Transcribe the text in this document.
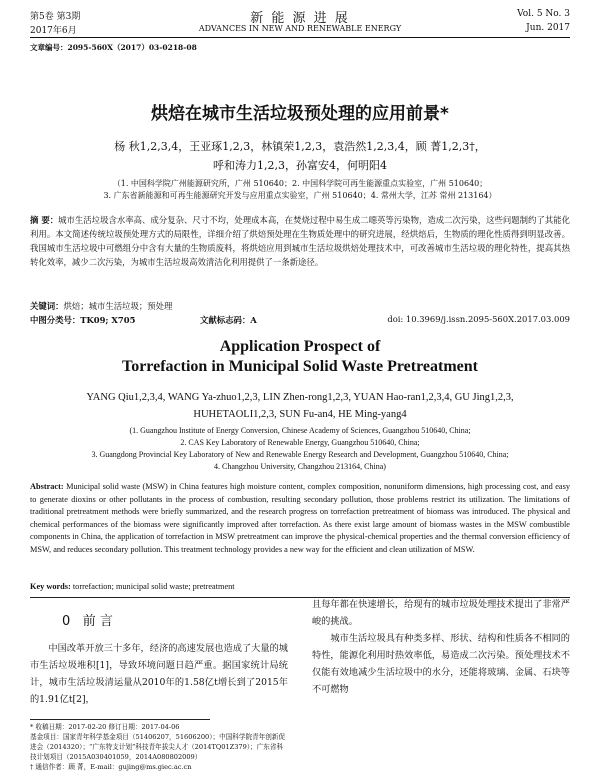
第5卷 第3期
2017年6月
新 能 源 进 展
ADVANCES IN NEW AND RENEWABLE ENERGY
Vol. 5 No. 3
Jun. 2017
文章编号：2095-560X（2017）03-0218-08
烘焙在城市生活垃圾预处理的应用前景*
杨 秋1,2,3,4，王亚琢1,2,3，林镇荣1,2,3，袁浩然1,2,3,4，顾 菁1,2,3†，
呼和涛力1,2,3，孙富安4，何明阳4
（1. 中国科学院广州能源研究所，广州 510640；2. 中国科学院可再生能源重点实验室，广州 510640；
3. 广东省新能源和可再生能源研究开发与应用重点实验室，广州 510640；4. 常州大学，江苏 常州 213164）
摘 要：城市生活垃圾含水率高、成分复杂、尺寸不均，处理成本高，在焚烧过程中易生成二噁英等污染物，造成二次污染，这些问题制约了其能化利用。本文简述传统垃圾预处理方式的局限性，详细介绍了烘焙预处理在生物质处理中的研究进展，经烘焙后，生物质的理化性质得到明显改善。我国城市生活垃圾中可燃组分中含有大量的生物质废料，将烘焙应用到城市生活垃圾烘焙处理技术中，可改善城市生活垃圾的理化特性，提高其热转化效率，减少二次污染，为城市生活垃圾高效清洁化利用提供了一条新途径。
关键词：烘焙；城市生活垃圾；预处理
中图分类号：TK09; X705	文献标志码：A	doi: 10.3969/j.issn.2095-560X.2017.03.009
Application Prospect of
Torrefaction in Municipal Solid Waste Pretreatment
YANG Qiu1,2,3,4, WANG Ya-zhuo1,2,3, LIN Zhen-rong1,2,3, YUAN Hao-ran1,2,3,4, GU Jing1,2,3,
HUHETAOLI1,2,3, SUN Fu-an4, HE Ming-yang4
(1. Guangzhou Institute of Energy Conversion, Chinese Academy of Sciences, Guangzhou 510640, China;
2. CAS Key Laboratory of Renewable Energy, Guangzhou 510640, China;
3. Guangdong Provincial Key Laboratory of New and Renewable Energy Research and Development, Guangzhou 510640, China;
4. Changzhou University, Changzhou 213164, China)
Abstract: Municipal solid waste (MSW) in China features high moisture content, complex composition, nonuniform dimensions, high processing cost, and easy to generate dioxins or other pollutants in the process of combustion, resulting secondary pollution, those problems restrict its utilization. The limitations of traditional pretreatment methods were briefly summarized, and the research progress on torrefaction pretreatment of biomass was introduced. The physical and chemical performances of the biomass were significantly improved after torrefaction. As there exist large amount of biomass wastes in the MSW combustible components in China, the application of torrefaction in MSW pretreatment can improve the physical-chemical properties and the thermal conversion efficiency of MSW, and reduces secondary pollution. This treatment technology provides a new way for the efficient and clean utilization of MSW.
Key words: torrefaction; municipal solid waste; pretreatment
0 前 言
中国改革开放三十多年，经济的高速发展也造成了大量的城市生活垃圾堆积[1]，导致环境问题日趋严重。据国家统计局统计，城市生活垃圾清运量从2010年的1.58亿t增长到了2015年的1.91亿t[2]，
且每年都在快速增长，给现有的城市垃圾处理技术提出了非常严峻的挑战。
城市生活垃圾具有种类多样、形状、结构和性质各不相同的特性，能源化利用时热效率低，易造成二次污染。预处理技术不仅能有效地减少生活垃圾中的水分，还能将玻璃、金属、石块等不可燃物
* 收稿日期：2017-02-20 修订日期：2017-04-06
基金项目：国家青年科学基金项目（51406207，51606200）；中国科学院青年创新促进会（2014320）；“广东特支计划”科技青年拔尖人才（2014TQ01Z379）；广东省科技计划项目（2015A030401059，2014A080802009）
† 通信作者：顾 菁，E-mail：gujing@ms.giec.ac.cn
